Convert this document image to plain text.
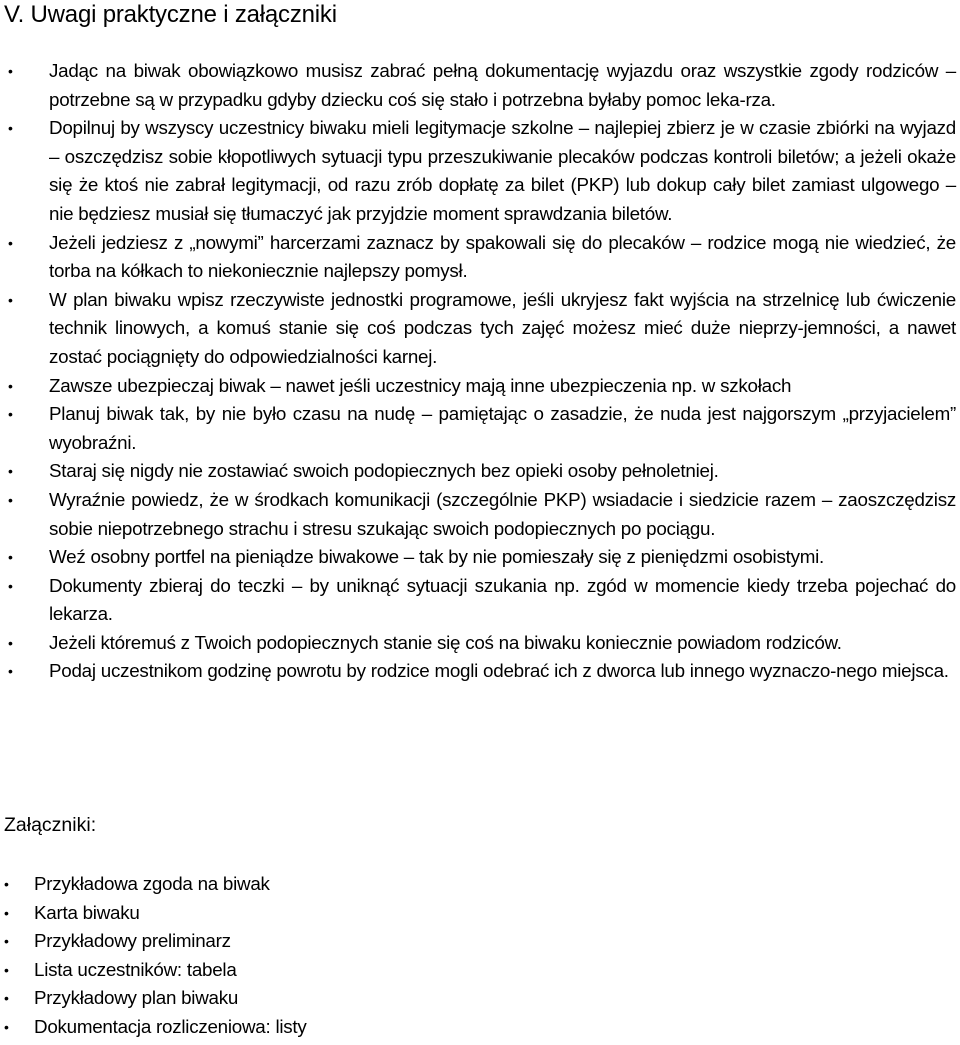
V. Uwagi praktyczne i załączniki
• Jadąc na biwak obowiązkowo musisz zabrać pełną dokumentację wyjazdu oraz wszystkie zgody rodziców – potrzebne są w przypadku gdyby dziecku coś się stało i potrzebna byłaby pomoc leka-rza.
• Dopilnuj by wszyscy uczestnicy biwaku mieli legitymacje szkolne – najlepiej zbierz je w czasie zbiórki na wyjazd – oszczędzisz sobie kłopotliwych sytuacji typu przeszukiwanie plecaków podczas kontroli biletów; a jeżeli okaże się że ktoś nie zabrał legitymacji, od razu zrób dopłatę za bilet (PKP) lub dokup cały bilet zamiast ulgowego – nie będziesz musiał się tłumaczyć jak przyjdzie moment sprawdzania biletów.
• Jeżeli jedziesz z „nowymi” harcerzami zaznacz by spakowali się do plecaków – rodzice mogą nie wiedzieć, że torba na kółkach to niekoniecznie najlepszy pomysł.
• W plan biwaku wpisz rzeczywiste jednostki programowe, jeśli ukryjesz fakt wyjścia na strzelnicę lub ćwiczenie technik linowych, a komuś stanie się coś podczas tych zajęć możesz mieć duże nieprzy-jemności, a nawet zostać pociągnięty do odpowiedzialności karnej.
• Zawsze ubezpieczaj biwak – nawet jeśli uczestnicy mają inne ubezpieczenia np. w szkołach
• Planuj biwak tak, by nie było czasu na nudę – pamiętając o zasadzie, że nuda jest najgorszym „przyjacielem” wyobraźni.
• Staraj się nigdy nie zostawiać swoich podopiecznych bez opieki osoby pełnoletniej.
• Wyraźnie powiedz, że w środkach komunikacji (szczególnie PKP) wsiadacie i siedzicie razem – zaoszczędzisz sobie niepotrzebnego strachu i stresu szukając swoich podopiecznych po pociągu.
• Weź osobny portfel na pieniądze biwakowe – tak by nie pomieszały się z pieniędzmi osobistymi.
• Dokumenty zbieraj do teczki – by uniknąć sytuacji szukania np. zgód w momencie kiedy trzeba pojechać do lekarza.
• Jeżeli któremuś z Twoich podopiecznych stanie się coś na biwaku koniecznie powiadom rodziców.
• Podaj uczestnikom godzinę powrotu by rodzice mogli odebrać ich z dworca lub innego wyznaczo-nego miejsca.
Załączniki:
• Przykładowa zgoda na biwak
• Karta biwaku
• Przykładowy preliminarz
• Lista uczestników: tabela
• Przykładowy plan biwaku
• Dokumentacja rozliczeniowa: listy
